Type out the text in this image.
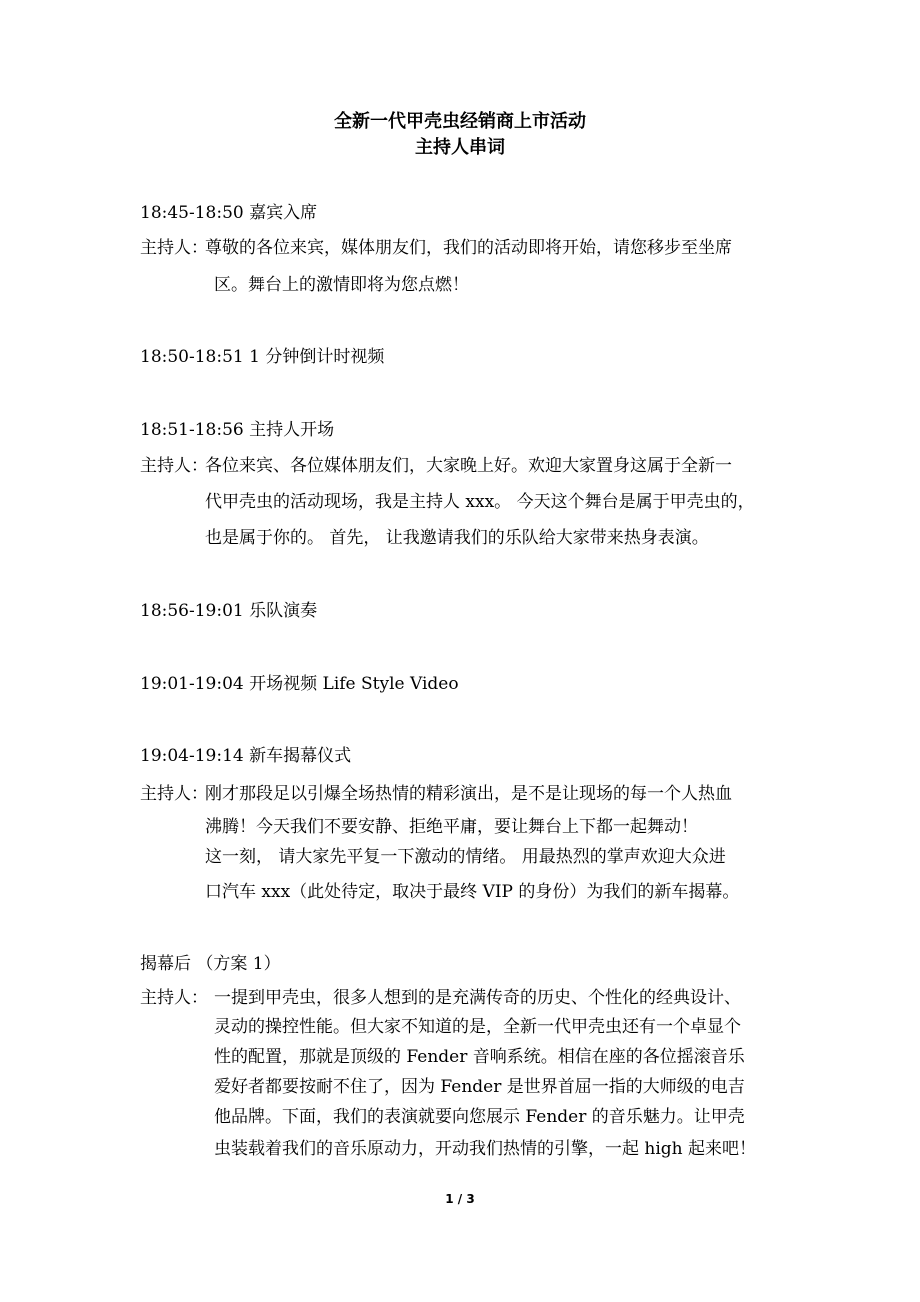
全新一代甲壳虫经销商上市活动
主持人串词
18:45-18:50 嘉宾入席
主持人：
尊敬的各位来宾，媒体朋友们，我们的活动即将开始，请您移步至坐席
区。舞台上的激情即将为您点燃！
18:50-18:51 1 分钟倒计时视频
18:51-18:56 主持人开场
主持人：
各位来宾、各位媒体朋友们，大家晚上好。欢迎大家置身这属于全新一
代甲壳虫的活动现场，我是主持人 xxx。 今天这个舞台是属于甲壳虫的，
也是属于你的。 首先， 让我邀请我们的乐队给大家带来热身表演。
18:56-19:01 乐队演奏
19:01-19:04 开场视频 Life Style Video
19:04-19:14 新车揭幕仪式
主持人：
刚才那段足以引爆全场热情的精彩演出，是不是让现场的每一个人热血
沸腾！今天我们不要安静、拒绝平庸，要让舞台上下都一起舞动！
这一刻， 请大家先平复一下激动的情绪。 用最热烈的掌声欢迎大众进
口汽车 xxx（此处待定，取决于最终 VIP 的身份）为我们的新车揭幕。
揭幕后 （方案 1）
主持人： 一提到甲壳虫，很多人想到的是充满传奇的历史、个性化的经典设计、
灵动的操控性能。但大家不知道的是，全新一代甲壳虫还有一个卓显个
性的配置，那就是顶级的 Fender 音响系统。相信在座的各位摇滚音乐
爱好者都要按耐不住了，因为 Fender 是世界首屈一指的大师级的电吉
他品牌。下面，我们的表演就要向您展示 Fender 的音乐魅力。让甲壳
虫装载着我们的音乐原动力，开动我们热情的引擎，一起 high 起来吧！
1 / 3
